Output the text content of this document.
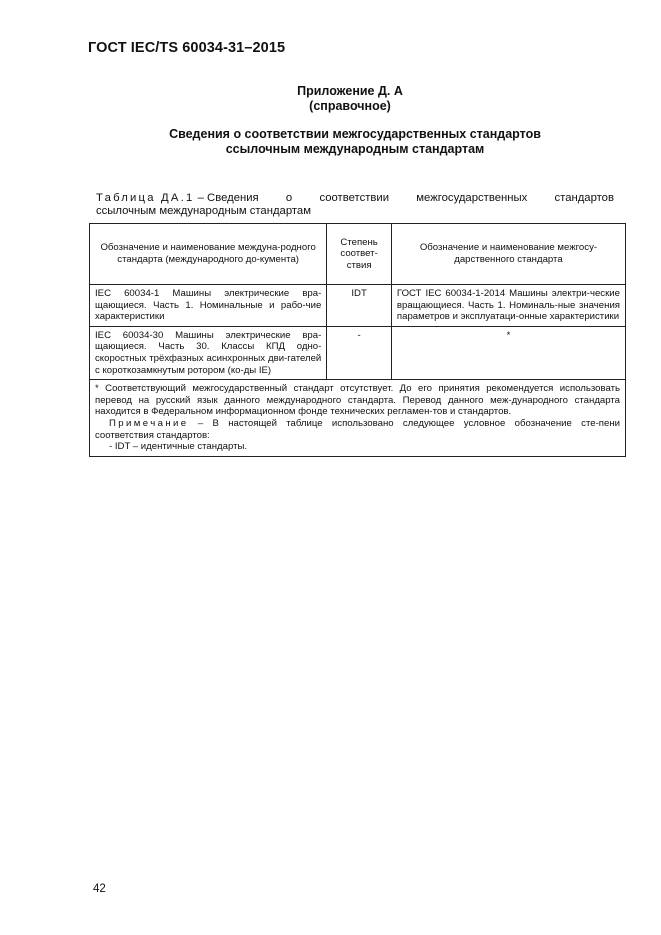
ГОСТ IEC/TS 60034-31–2015
Приложение Д. А
(справочное)
Сведения о соответствии межгосударственных стандартов
ссылочным международным стандартам
Таблица ДА.1 – Сведения о соответствии межгосударственных стандартов
ссылочным международным стандартам
Обозначение и наименование междуна-родного стандарта (международного до-кумента)	Степень соответ-ствия	Обозначение и наименование межгосу-дарственного стандарта
IEC 60034-1 Машины электрические вра-щающиеся. Часть 1. Номинальные и рабо-чие характеристики	IDT	ГОСТ IEC 60034-1-2014 Машины электри-ческие вращающиеся. Часть 1. Номиналь-ные значения параметров и эксплуатаци-онные характеристики
IEC 60034-30 Машины электрические вра-щающиеся. Часть 30. Классы КПД одно-скоростных трёхфазных асинхронных дви-гателей с короткозамкнутым ротором (ко-ды IE)	-	*

* Соответствующий межгосударственный стандарт отсутствует. До его принятия рекомендуется использовать перевод на русский язык данного международного стандарта. Перевод данного меж-дународного стандарта находится в Федеральном информационном фонде технических регламен-тов и стандартов.
Примечание – В настоящей таблице использовано следующее условное обозначение сте-пени соответствия стандартов:
- IDT – идентичные стандарты.		
42
